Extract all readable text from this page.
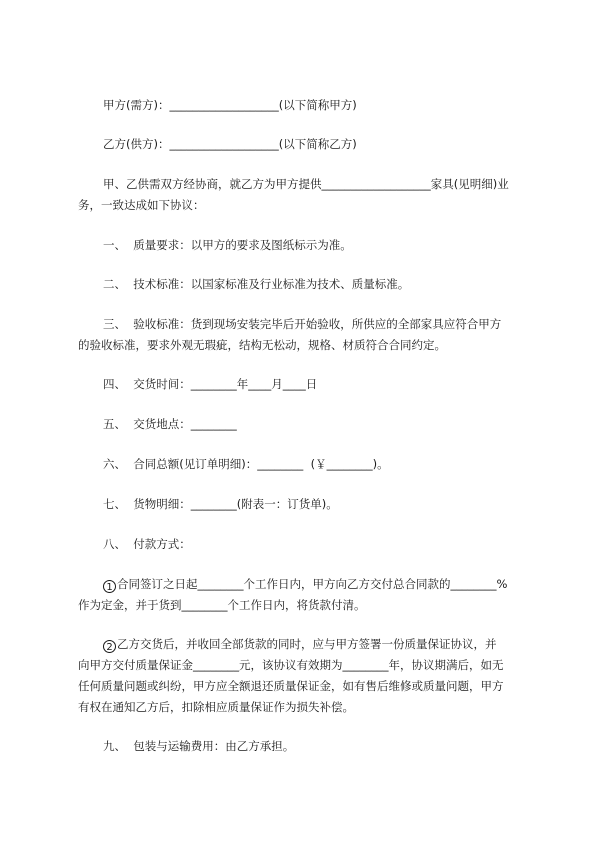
甲方(需方)：___________________(以下简称甲方)

乙方(供方)：___________________(以下简称乙方)

甲、乙供需双方经协商，就乙方为甲方提供___________________家具(见明细)业

务，一致达成如下协议：

一、  质量要求：以甲方的要求及图纸标示为准。

二、  技术标准：以国家标准及行业标准为技术、质量标准。

三、  验收标准：货到现场安装完毕后开始验收，所供应的全部家具应符合甲方

的验收标准，要求外观无瑕疵，结构无松动，规格、材质符合合同约定。

四、  交货时间：________年____月____日

五、  交货地点：________

六、  合同总额(见订单明细)：________  (￥________)。

七、  货物明细：________(附表一：订货单)。

八、  付款方式：

1 合同签订之日起________个工作日内，甲方向乙方交付总合同款的________%

作为定金，并于货到________个工作日内，将货款付清。

2 乙方交货后，并收回全部货款的同时，应与甲方签署一份质量保证协议，并

向甲方交付质量保证金________元，该协议有效期为________年，协议期满后，如无

任何质量问题或纠纷，甲方应全额退还质量保证金，如有售后维修或质量问题，甲方

有权在通知乙方后，扣除相应质量保证作为损失补偿。

九、  包装与运输费用：由乙方承担。
